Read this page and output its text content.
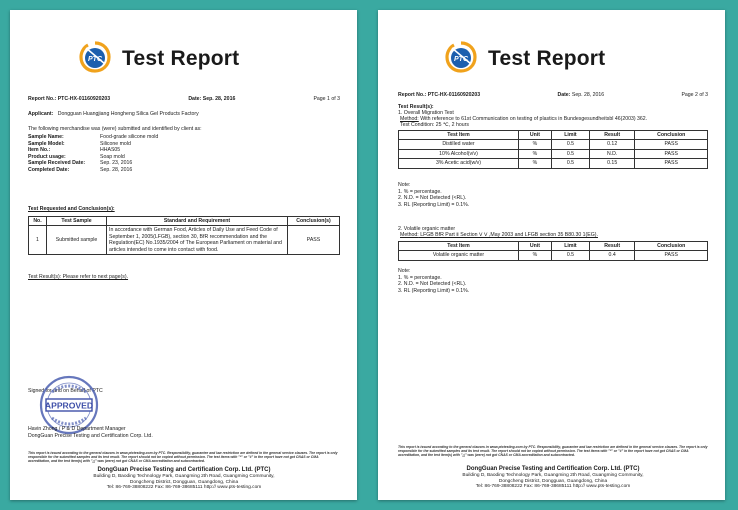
PTC Test Report
Report No.: PTC-HX-01160920203	Date: Sep. 28, 2016	Page 1 of 3
Applicant: Dongguan Huangjiang Hongheng Silica Gel Products Factory
The following merchandise was (were) submitted and identified by client as:
Sample Name:	Food-grade silicone mold
Sample Model:	Silicone mold
Item No.:	HHAS05
Product usage:	Soap mold
Sample Received Date:	Sep. 23, 2016
Completed Date:	Sep. 28, 2016
Test Requested and Conclusion(s):
No.	Test Sample	Standard and Requirement	Conclusion(s)
1	Submitted sample	In accordance with German Food, Articles of Daily Use and Feed Code of September 1, 2005(LFGB), section 30, BfR recommendation and the Regulation(EC) No.1935/2004 of The European Parliament on material and articles intended to come into contact with food.	PASS
Test Result(s): Please refer to next page(s).
Signed for and on Behalf of PTC
APPROVED
Havin Zhong / P & D Department Manager
DongGuan Precise Testing and Certification Corp. Ltd.
This report is issued according to the general clauses in www.ptctesting.com by PTC. Responsibility, guarantee and law restriction are defined in the general service clauses. The report is only responsible for the submitted samples and its test result. The report should not be copied without permission. The test items with "*" or "#" in the report have not got CNAS or CMA accreditation, and the test item(s) with "△" was (were) not got CNAS or CMA accreditation and subcontracted.
DongGuan Precise Testing and Certification Corp. Ltd. (PTC)
Building D, Baoding Technology Park, Guangming 2th Road, Guangming Community,
Dongcheng District, Dongguan, Guangdong, China
Tel: 86-769-38808222 Fax: 86-769-38685111 http:// www.pts-testing.com
PTC Test Report
Report No.: PTC-HX-01160920203	Date: Sep. 28, 2016	Page 2 of 3
Test Result(s):
1. Overall Migration Test
Method: With reference to 61st Communication on testing of plastics in Bundesgesundheitsbl 46(2003) 362.
Test Condition: 25 ℃, 2 hours
Test Item	Unit	Limit	Result	Conclusion
Distilled water	%	0.5	0.12	PASS
10% Alcohol(v/v)	%	0.5	N.D.	PASS
3% Acetic acid(w/v)	%	0.5	0.15	PASS
Note:
1. % = percentage.
2. N.D. = Not Detected (<RL).
3. RL (Reporting Limit) = 0.1%.
2. Volatile organic matter
Method: LFGB BfR Part Ⅱ Section Ⅴ Ⅴ ,May 2003 and LFGB section 35 B80.30 1(EG).
Test Item	Unit	Limit	Result	Conclusion
Volatile organic matter	%	0.5	0.4	PASS
Note:
1. % = percentage.
2. N.D. = Not Detected (<RL).
3. RL (Reporting Limit) = 0.1%.
This report is issued according to the general clauses in www.ptctesting.com by PTC. Responsibility, guarantee and law restriction are defined in the general service clauses. The report is only responsible for the submitted samples and its test result. The report should not be copied without permission. The test items with "*" or "#" in the report have not got CNAS or CMA accreditation, and the test item(s) with "△" was (were) not got CNAS or CMA accreditation and subcontracted.
DongGuan Precise Testing and Certification Corp. Ltd. (PTC)
Building D, Baoding Technology Park, Guangming 2th Road, Guangming Community,
Dongcheng District, Dongguan, Guangdong, China
Tel: 86-769-38808222 Fax: 86-769-38685111 http:// www.pts-testing.com
